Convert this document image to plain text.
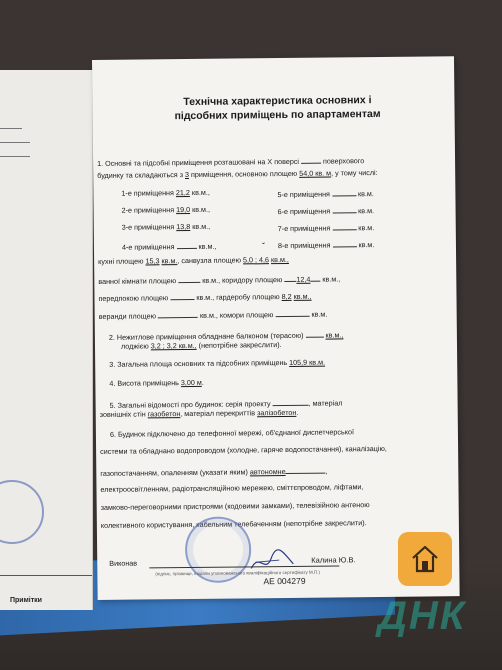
Примітки
Технічна характеристика основних і
підсобних приміщень по апартаментам
1. Основні та підсобні приміщення розташовані на Х поверсі	поверхового
будинку та складаються з 3 приміщення, основною площею 54,0 кв. м, у тому числі:
1-е приміщення 21,2 кв.м.,
2-е приміщення 19,0 кв.м.,
3-е приміщення 13,8 кв.м.,
4-е приміщення	кв.м.,
5-е приміщення	кв.м.
6-е приміщення	кв.м.
7-е приміщення	кв.м.
8-е приміщення	кв.м.
ˇ
кухні площею 15,3 кв.м., санвузла площею 5,0 ; 4,6 кв.м.,
ванної кімнати площею	кв.м., коридору площею 12,4 кв.м.,
передпокою площею	кв.м., гардеробу площею 8,2 кв.м.,
веранди площею	кв.м., комори площею	кв.м.
2. Нежитлове приміщення обладнане балконом (терасою)	кв.м.,
лоджією 3,2 ; 3,2 кв.м., (непотрібне закреслити).
3. Загальна площа основних та підсобних приміщень 105,9 кв.м.
4. Висота приміщень 3,00 м.
5. Загальні відомості про будинок: серія проекту	, матеріал
зовнішніх стін газобетон, матеріал перекриттів залізобетон.
6. Будинок підключено до телефонної мережі, об'єднаної диспетчерської
системи та обладнано водопроводом (холодне, гаряче водопостачання), каналізацію,
газопостачанням, опаленням (указати яким) автономне	,
електроосвітленням, радіотрансляційною мережею, сміттєпроводом, ліфтами,
замково-переговорними пристроями (кодовими замками), телевізійною антеною
колективного користування, кабельним телебаченням (непотрібне закреслити).
Виконав	Калина Ю.В.
(підпис, прізвище, ініціали уповноваженого кваліфікаційного сертифікату М.П.)
АЕ 004279
ДНК
